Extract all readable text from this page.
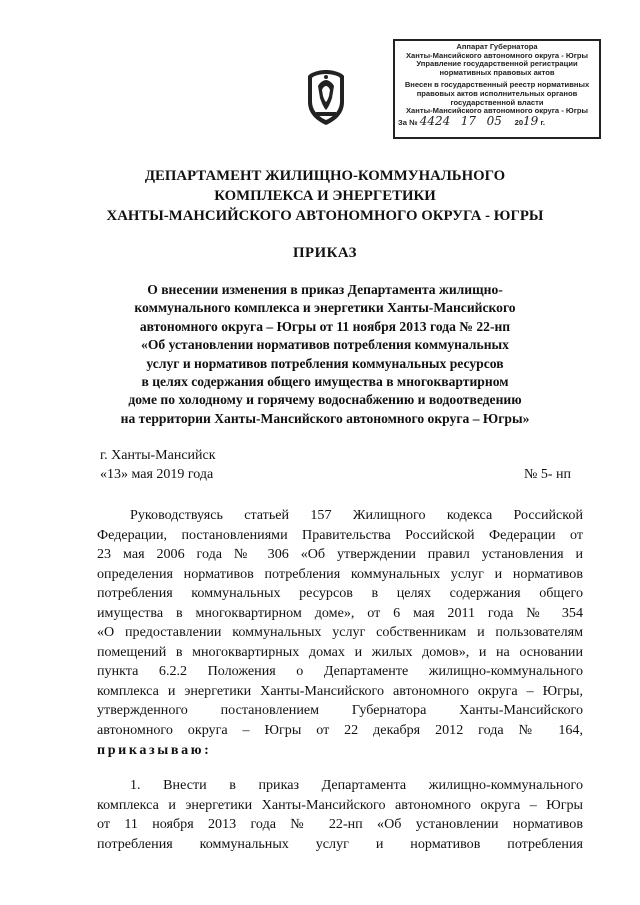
Аппарат Губернатора
Ханты-Мансийского автономного округа - Югры
Управление государственной регистрации
нормативных правовых актов
Внесен в государственный реестр нормативных
правовых актов исполнительных органов
государственной власти
Ханты-Мансийского автономного округа - Югры
За № 4424 17 05 2019 г.
ДЕПАРТАМЕНТ ЖИЛИЩНО-КОММУНАЛЬНОГО
КОМПЛЕКСА И ЭНЕРГЕТИКИ
ХАНТЫ-МАНСИЙСКОГО АВТОНОМНОГО ОКРУГА - ЮГРЫ
ПРИКАЗ
О внесении изменения в приказ Департамента жилищно-
коммунального комплекса и энергетики Ханты-Мансийского
автономного округа – Югры от 11 ноября 2013 года № 22-нп
«Об установлении нормативов потребления коммунальных
услуг и нормативов потребления коммунальных ресурсов
в целях содержания общего имущества в многоквартирном
доме по холодному и горячему водоснабжению и водоотведению
на территории Ханты-Мансийского автономного округа – Югры»
г. Ханты-Мансийск
«13» мая 2019 года	№ 5- нп
Руководствуясь статьей 157 Жилищного кодекса Российской
Федерации, постановлениями Правительства Российской Федерации от
23 мая 2006 года № 306 «Об утверждении правил установления и
определения нормативов потребления коммунальных услуг и нормативов
потребления коммунальных ресурсов в целях содержания общего
имущества в многоквартирном доме», от 6 мая 2011 года № 354
«О предоставлении коммунальных услуг собственникам и пользователям
помещений в многоквартирных домах и жилых домов», и на основании
пункта 6.2.2 Положения о Департаменте жилищно-коммунального
комплекса и энергетики Ханты-Мансийского автономного округа – Югры,
утвержденного постановлением Губернатора Ханты-Мансийского
автономного округа – Югры от 22 декабря 2012 года № 164,
приказываю:
1. Внести в приказ Департамента жилищно-коммунального
комплекса и энергетики Ханты-Мансийского автономного округа – Югры
от 11 ноября 2013 года № 22-нп «Об установлении нормативов
потребления коммунальных услуг и нормативов потребления
